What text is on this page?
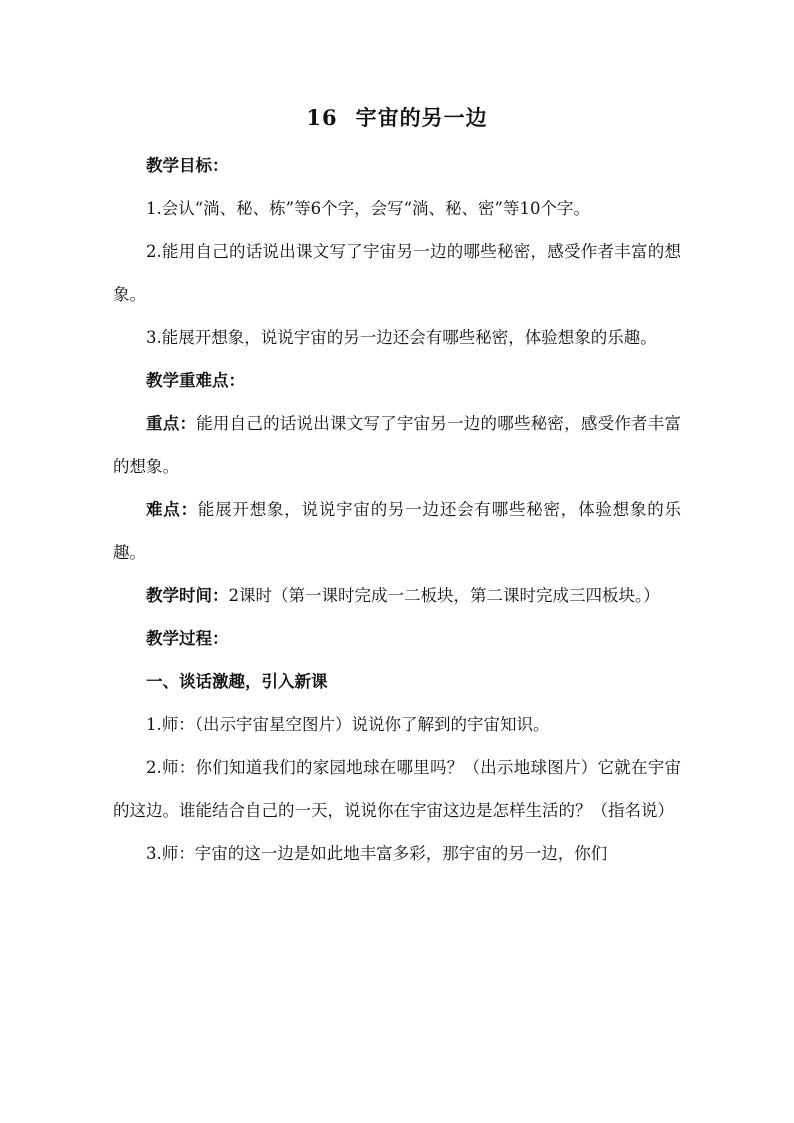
16 宇宙的另一边

教学目标：

1.会认“淌、秘、栋”等6个字，会写“淌、秘、密”等10个字。

2.能用自己的话说出课文写了宇宙另一边的哪些秘密，感受作者丰富的想象。

3.能展开想象，说说宇宙的另一边还会有哪些秘密，体验想象的乐趣。

教学重难点：

重点：能用自己的话说出课文写了宇宙另一边的哪些秘密，感受作者丰富的想象。

难点：能展开想象，说说宇宙的另一边还会有哪些秘密，体验想象的乐趣。

教学时间：2课时（第一课时完成一二板块，第二课时完成三四板块。）

教学过程：

一、谈话激趣，引入新课

1.师：（出示宇宙星空图片）说说你了解到的宇宙知识。

2.师：你们知道我们的家园地球在哪里吗？（出示地球图片）它就在宇宙的这边。谁能结合自己的一天，说说你在宇宙这边是怎样生活的？（指名说）

3.师：宇宙的这一边是如此地丰富多彩，那宇宙的另一边，你们
